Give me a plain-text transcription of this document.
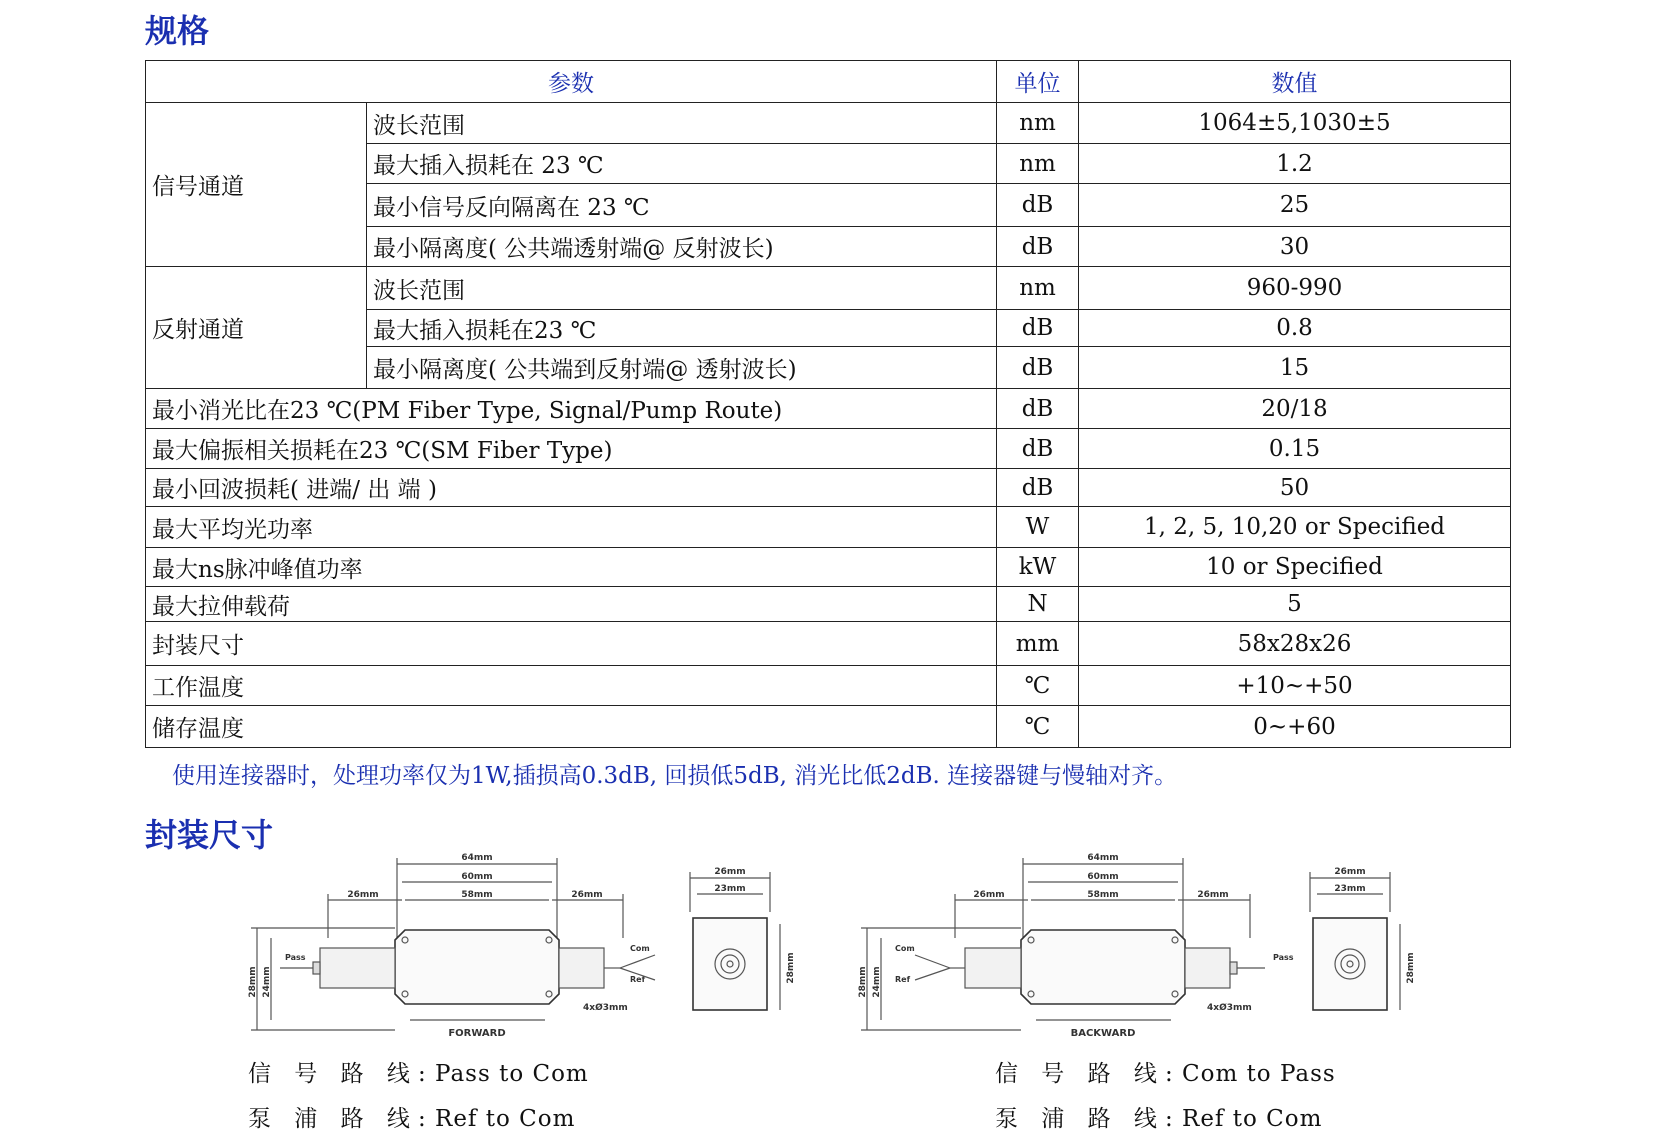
规格
参数		单位	数值
信号通道	波长范围	nm	1064±5,1030±5
	最大插入损耗在 23 ℃	nm	1.2
	最小信号反向隔离在 23 ℃	dB	25
	最小隔离度( 公共端透射端@ 反射波长)	dB	30
反射通道	波长范围	nm	960-990
	最大插入损耗在23 ℃	dB	0.8
	最小隔离度( 公共端到反射端@ 透射波长)	dB	15
最小消光比在23 ℃(PM Fiber Type, Signal/Pump Route)		dB	20/18
最大偏振相关损耗在23 ℃(SM Fiber Type)		dB	0.15
最小回波损耗( 进端/ 出 端 )		dB	50
最大平均光功率		W	1, 2, 5, 10,20 or Specified
最大ns脉冲峰值功率		kW	10 or Specified
最大拉伸载荷		N	5
封装尺寸		mm	58x28x26
工作温度		℃	+10~+50
储存温度		℃	0~+60

使用连接器时，处理功率仅为1W,插损高0.3dB, 回损低5dB, 消光比低2dB. 连接器键与慢轴对齐。

封装尺寸
64mm
60mm
58mm
26mm	26mm
28mm 24mm
4xØ3mm
FORWARD
Pass
Com
Ref
26mm
23mm
28mm
64mm
60mm
58mm
26mm	26mm
28mm 24mm
4xØ3mm
BACKWARD
Com
Ref
Pass
26mm
23mm
28mm

信 号 路 线: Pass to Com

泵 浦 路 线: Ref to Com

信 号 路 线: Com to Pass

泵 浦 路 线: Ref to Com
